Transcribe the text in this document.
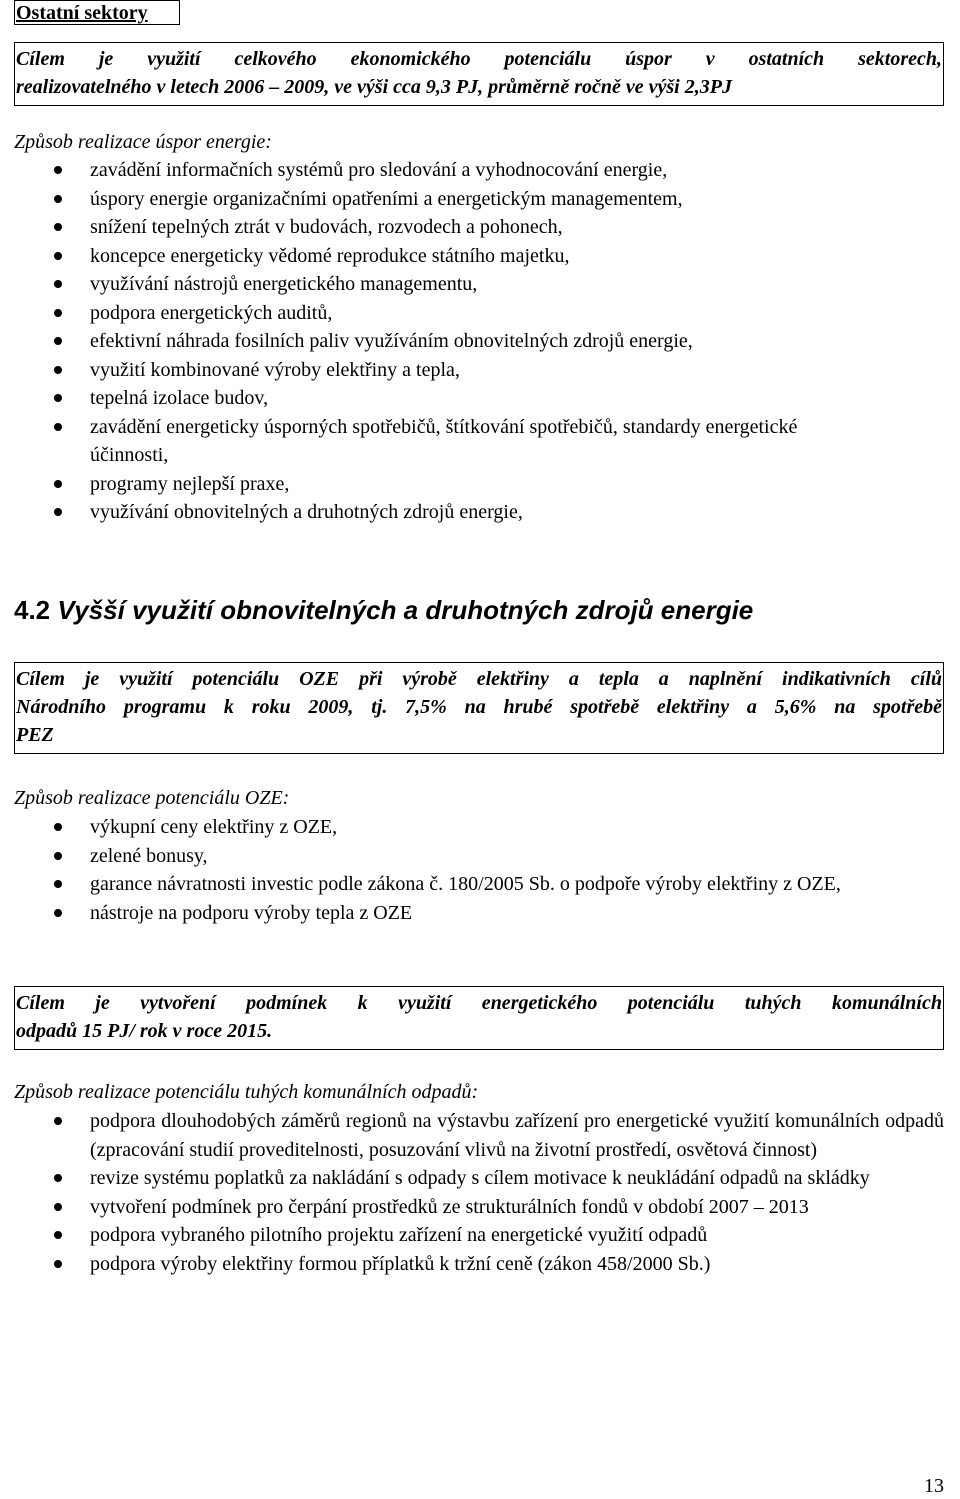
Ostatní sektory
Cílem je využití celkového ekonomického potenciálu úspor v ostatních sektorech,
realizovatelného v letech 2006 – 2009, ve výši cca 9,3 PJ, průměrně ročně ve výši 2,3PJ
Způsob realizace úspor energie:
zavádění informačních systémů pro sledování a vyhodnocování energie,
úspory energie organizačními opatřeními a energetickým managementem,
snížení tepelných ztrát v budovách, rozvodech a pohonech,
koncepce energeticky vědomé reprodukce státního majetku,
využívání nástrojů energetického managementu,
podpora energetických auditů,
efektivní náhrada fosilních paliv využíváním obnovitelných zdrojů energie,
využití kombinované výroby elektřiny a tepla,
tepelná izolace budov,
zavádění energeticky úsporných spotřebičů, štítkování spotřebičů, standardy energetické účinnosti,
programy nejlepší praxe,
využívání obnovitelných a druhotných zdrojů energie,
4.2 Vyšší využití obnovitelných a druhotných zdrojů energie
Cílem je využití potenciálu OZE při výrobě elektřiny a tepla a naplnění indikativních cílů
Národního programu k roku 2009, tj. 7,5% na hrubé spotřebě elektřiny a 5,6% na spotřebě
PEZ
Způsob realizace potenciálu OZE:
výkupní ceny elektřiny z OZE,
zelené bonusy,
garance návratnosti investic podle zákona č. 180/2005 Sb. o podpoře výroby elektřiny z OZE,
nástroje na podporu výroby tepla z OZE
Cílem je vytvoření podmínek k využití energetického potenciálu tuhých komunálních
odpadů 15 PJ/ rok v roce 2015.
Způsob realizace potenciálu tuhých komunálních odpadů:
podpora dlouhodobých záměrů regionů na výstavbu zařízení pro energetické využití komunálních odpadů (zpracování studií proveditelnosti, posuzování vlivů na životní prostředí, osvětová činnost)
revize systému poplatků za nakládání s odpady s cílem motivace k neukládání odpadů na skládky
vytvoření podmínek pro čerpání prostředků ze strukturálních fondů v období 2007 – 2013
podpora vybraného pilotního projektu zařízení na energetické využití odpadů
podpora výroby elektřiny formou příplatků k tržní ceně (zákon 458/2000 Sb.)
13
